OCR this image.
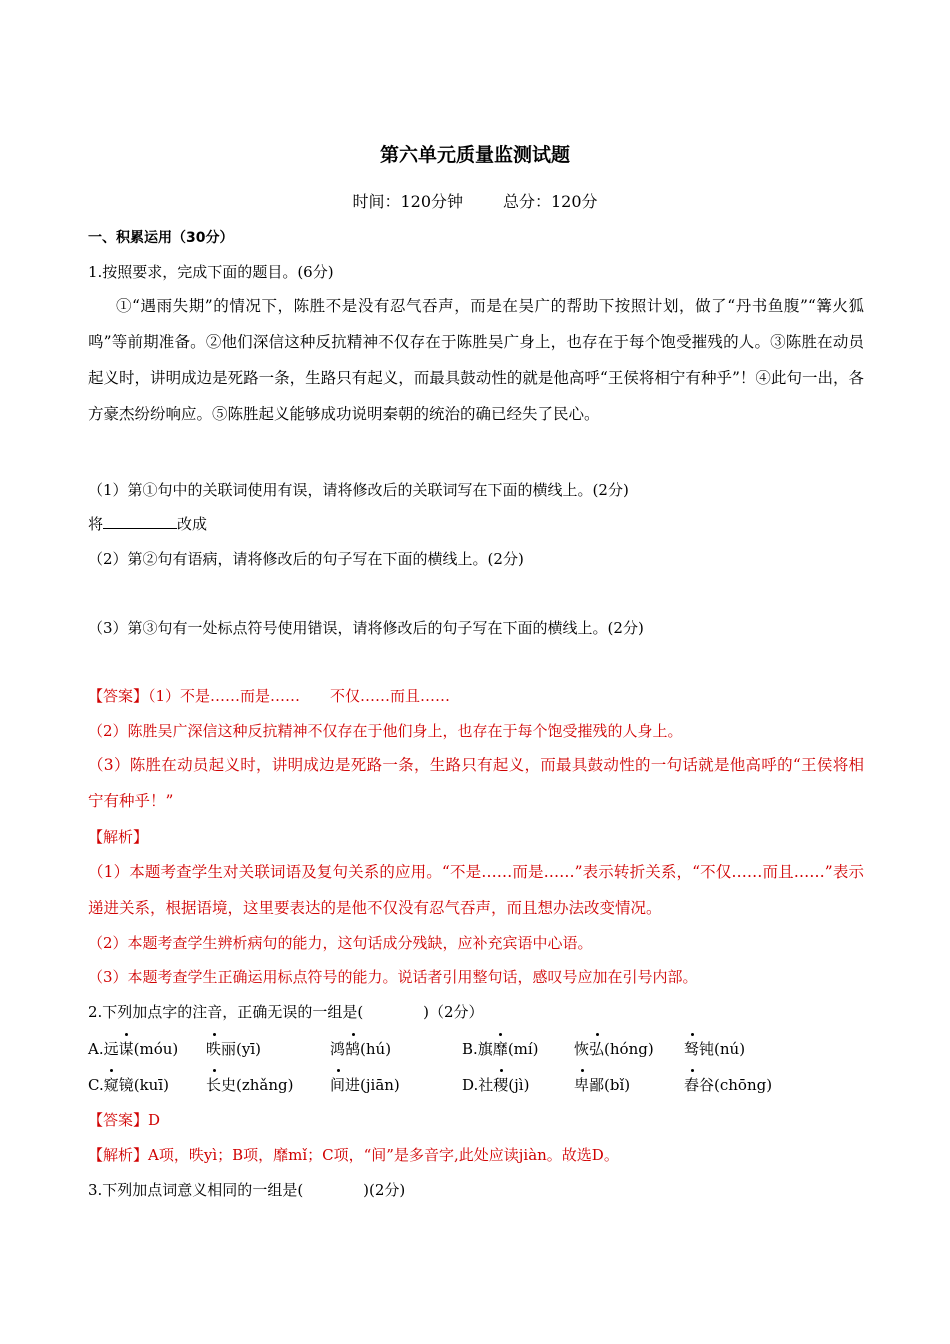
第六单元质量监测试题
时间：120分钟	总分：120分
一、积累运用（30分）
1.按照要求，完成下面的题目。(6分)
①“遇雨失期”的情况下，陈胜不是没有忍气吞声，而是在吴广的帮助下按照计划，做了“丹书鱼腹”“篝火狐鸣”等前期准备。②他们深信这种反抗精神不仅存在于陈胜吴广身上，也存在于每个饱受摧残的人。③陈胜在动员起义时，讲明成边是死路一条，生路只有起义，而最具鼓动性的就是他高呼“王侯将相宁有种乎”！④此句一出，各方豪杰纷纷响应。⑤陈胜起义能够成功说明秦朝的统治的确已经失了民心。
（1）第①句中的关联词使用有误，请将修改后的关联词写在下面的横线上。(2分)
将	改成
（2）第②句有语病，请将修改后的句子写在下面的横线上。(2分)
（3）第③句有一处标点符号使用错误，请将修改后的句子写在下面的横线上。(2分)
【答案】（1）不是……而是……　　不仅……而且……
（2）陈胜吴广深信这种反抗精神不仅存在于他们身上，也存在于每个饱受摧残的人身上。
（3）陈胜在动员起义时，讲明成边是死路一条，生路只有起义，而最具鼓动性的一句话就是他高呼的“王侯将相宁有种乎！”
【解析】
（1）本题考查学生对关联词语及复句关系的应用。“不是……而是……”表示转折关系，“不仅……而且……”表示递进关系，根据语境，这里要表达的是他不仅没有忍气吞声，而且想办法改变情况。
（2）本题考查学生辨析病句的能力，这句话成分残缺，应补充宾语中心语。
（3）本题考查学生正确运用标点符号的能力。说话者引用整句话，感叹号应加在引号内部。
2.下列加点字的注音，正确无误的一组是(　　　　)（2分）
A.远谋(móu) 昳丽(yī)	鸿鹄(hú)	B.旗靡(mí) 恢弘(hóng) 驽钝(nú)
C.窥镜(kuī) 长史(zhǎng) 间进(jiān)	D.社稷(jì)	卑鄙(bǐ)	舂谷(chōng)
【答案】D
【解析】A项，昳yì；B项，靡mǐ；C项，“间”是多音字,此处应读jiàn。故选D。
3.下列加点词意义相同的一组是(　　　　)(2分)
